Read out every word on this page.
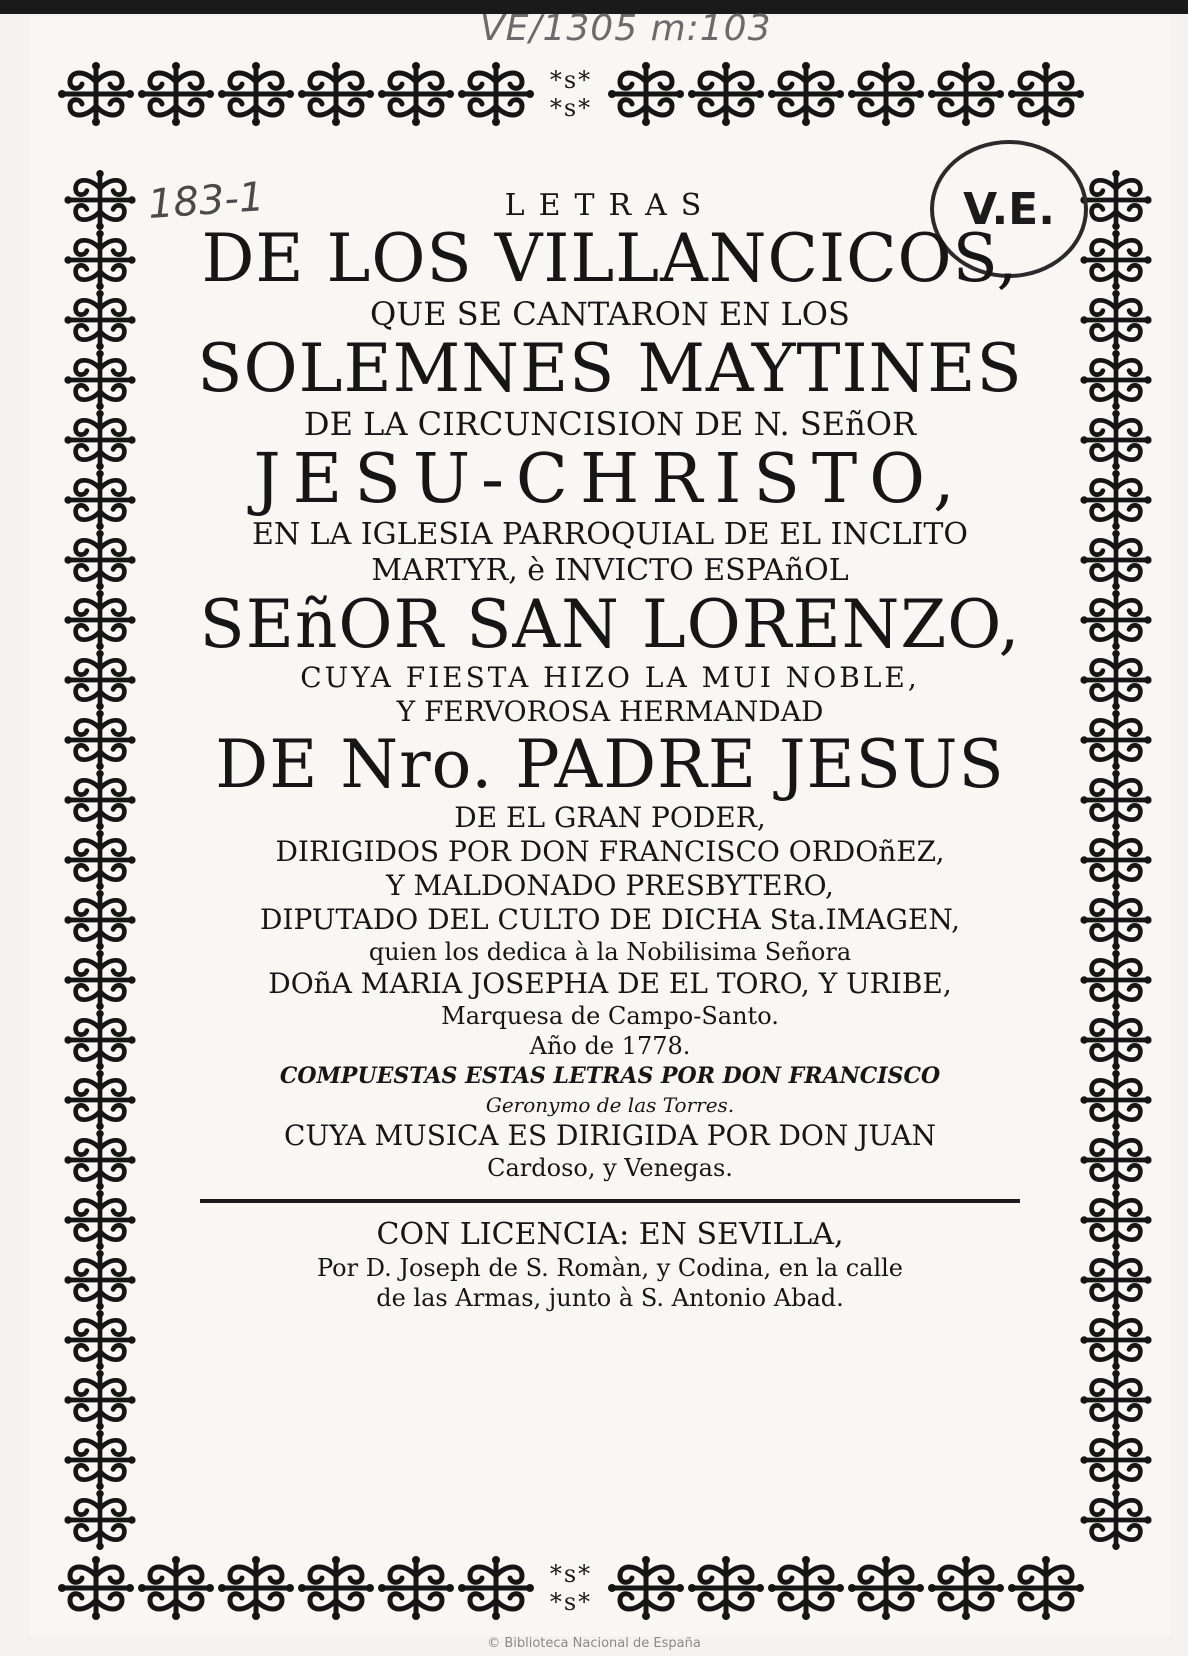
*s*
*s*
*s*
*s*
VE/1305 m:103
183-1	V.E.
LETRAS
DE LOS VILLANCICOS,
QUE SE CANTARON EN LOS
SOLEMNES MAYTINES
DE LA CIRCUNCISION DE N. SEñOR
JESU-CHRISTO,
EN LA IGLESIA PARROQUIAL DE EL INCLITO
MARTYR, è INVICTO ESPAñOL
SEñOR SAN LORENZO,
CUYA FIESTA HIZO LA MUI NOBLE,
Y FERVOROSA HERMANDAD
DE Nro. PADRE JESUS
DE EL GRAN PODER,
DIRIGIDOS POR DON FRANCISCO ORDOñEZ,
Y MALDONADO PRESBYTERO,
DIPUTADO DEL CULTO DE DICHA Sta.IMAGEN,
quien los dedica à la Nobilisima Señora
DOñA MARIA JOSEPHA DE EL TORO, Y URIBE,
Marquesa de Campo-Santo.
Año de 1778.
COMPUESTAS ESTAS LETRAS POR DON FRANCISCO
Geronymo de las Torres.
CUYA MUSICA ES DIRIGIDA POR DON JUAN
Cardoso, y Venegas.
CON LICENCIA: EN SEVILLA,
Por D. Joseph de S. Romàn, y Codina, en la calle
de las Armas, junto à S. Antonio Abad.
© Biblioteca Nacional de España
